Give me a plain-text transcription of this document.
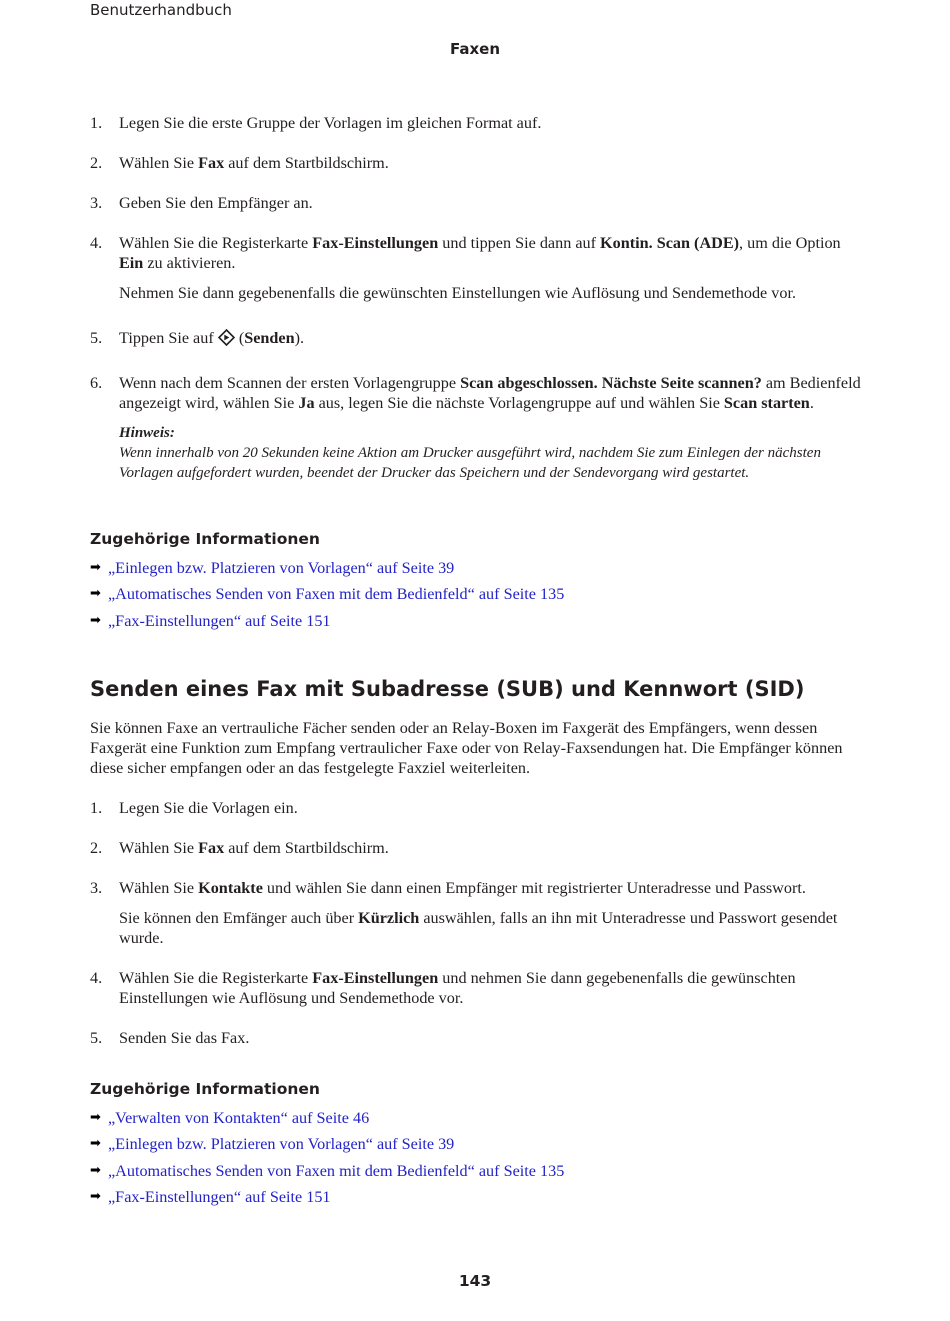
Benutzerhandbuch
Faxen
1. Legen Sie die erste Gruppe der Vorlagen im gleichen Format auf.
2. Wählen Sie Fax auf dem Startbildschirm.
3. Geben Sie den Empfänger an.
4. Wählen Sie die Registerkarte Fax-Einstellungen und tippen Sie dann auf Kontin. Scan (ADE), um die Option Ein zu aktivieren.
Nehmen Sie dann gegebenenfalls die gewünschten Einstellungen wie Auflösung und Sendemethode vor.
5. Tippen Sie auf  (Senden).
6. Wenn nach dem Scannen der ersten Vorlagengruppe Scan abgeschlossen. Nächste Seite scannen? am Bedienfeld angezeigt wird, wählen Sie Ja aus, legen Sie die nächste Vorlagengruppe auf und wählen Sie Scan starten.
Hinweis:
Wenn innerhalb von 20 Sekunden keine Aktion am Drucker ausgeführt wird, nachdem Sie zum Einlegen der nächsten Vorlagen aufgefordert wurden, beendet der Drucker das Speichern und der Sendevorgang wird gestartet.
Zugehörige Informationen
➡ „Einlegen bzw. Platzieren von Vorlagen“ auf Seite 39
➡ „Automatisches Senden von Faxen mit dem Bedienfeld“ auf Seite 135
➡ „Fax-Einstellungen“ auf Seite 151
Senden eines Fax mit Subadresse (SUB) und Kennwort (SID)
Sie können Faxe an vertrauliche Fächer senden oder an Relay-Boxen im Faxgerät des Empfängers, wenn dessen Faxgerät eine Funktion zum Empfang vertraulicher Faxe oder von Relay-Faxsendungen hat. Die Empfänger können diese sicher empfangen oder an das festgelegte Faxziel weiterleiten.
1. Legen Sie die Vorlagen ein.
2. Wählen Sie Fax auf dem Startbildschirm.
3. Wählen Sie Kontakte und wählen Sie dann einen Empfänger mit registrierter Unteradresse und Passwort.
Sie können den Emfänger auch über Kürzlich auswählen, falls an ihn mit Unteradresse und Passwort gesendet wurde.
4. Wählen Sie die Registerkarte Fax-Einstellungen und nehmen Sie dann gegebenenfalls die gewünschten Einstellungen wie Auflösung und Sendemethode vor.
5. Senden Sie das Fax.
Zugehörige Informationen
➡ „Verwalten von Kontakten“ auf Seite 46
➡ „Einlegen bzw. Platzieren von Vorlagen“ auf Seite 39
➡ „Automatisches Senden von Faxen mit dem Bedienfeld“ auf Seite 135
➡ „Fax-Einstellungen“ auf Seite 151
143
